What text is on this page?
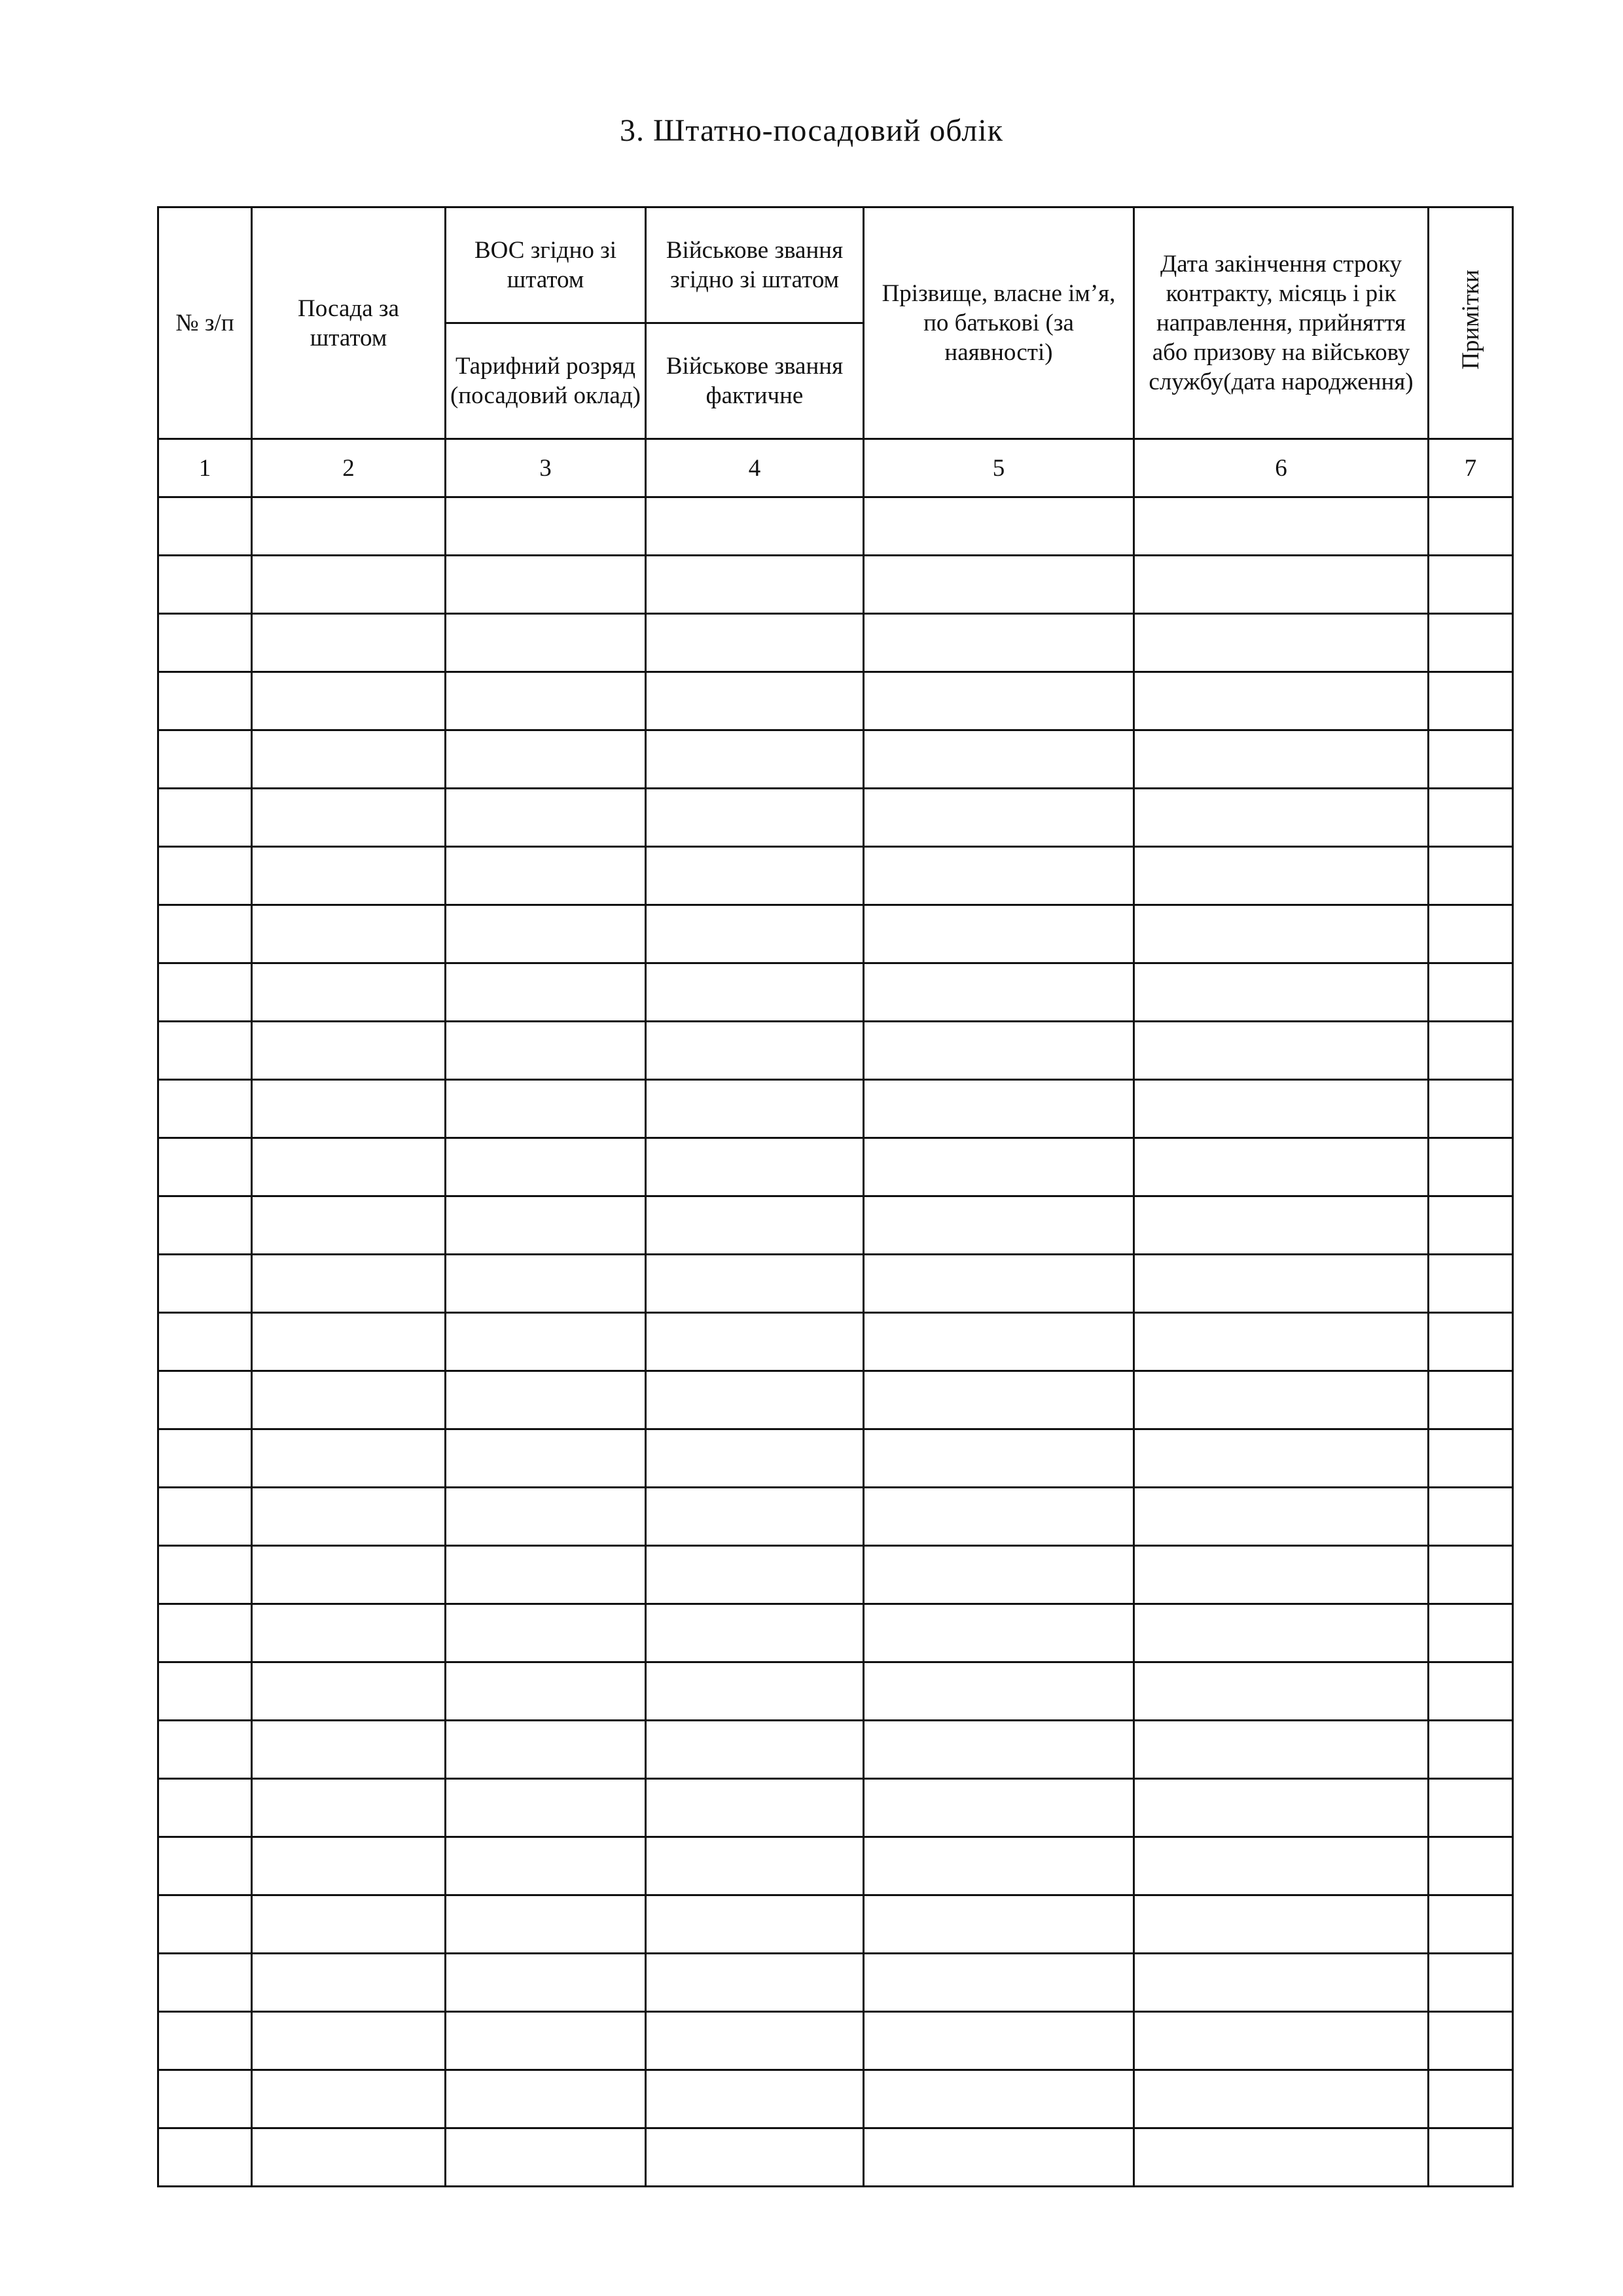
3. Штатно-посадовий облік
№ з/п	Посада за штатом	ВОС згідно зі штатом	Військове звання згідно зі штатом	Прізвище, власне ім’я, по батькові (за наявності)	Дата закінчення строку контракту, місяць і рік направлення, прийняття або призову на військову службу(дата народження)	Примітки

		Тарифний розряд (посадовий оклад)	Військове звання фактичне			

1	2	3	4	5	6	7
